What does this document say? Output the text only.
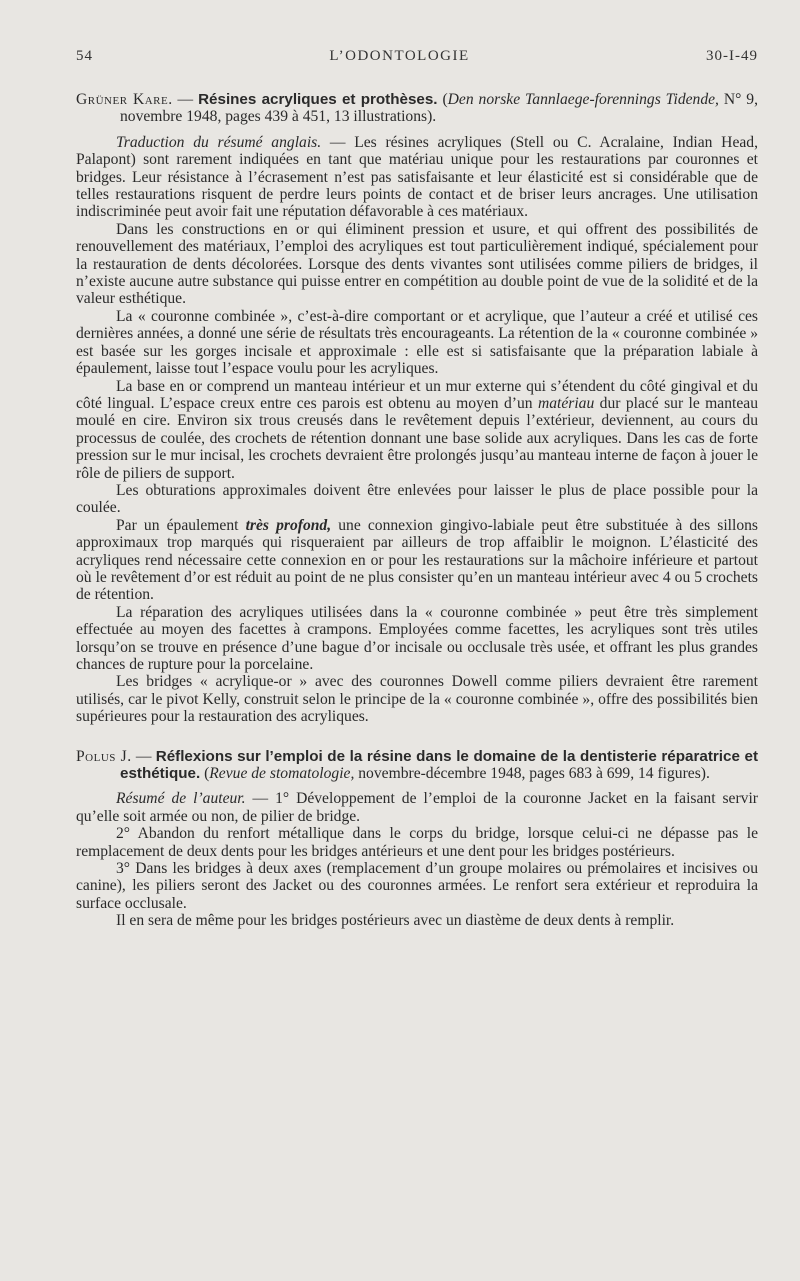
54	L’ODONTOLOGIE	30-I-49

Grüner Kare. — Résines acryliques et prothèses. (Den norske Tannlaege-forennings Tidende, N° 9, novembre 1948, pages 439 à 451, 13 illustrations).

Traduction du résumé anglais. — Les résines acryliques (Stell ou C. Acralaine, Indian Head, Palapont) sont rarement indiquées en tant que matériau unique pour les restaurations par couronnes et bridges. Leur résistance à l’écrasement n’est pas satisfaisante et leur élasticité est si considérable que de telles restaurations risquent de perdre leurs points de contact et de briser leurs ancrages. Une utilisation indiscriminée peut avoir fait une réputation défavorable à ces matériaux.

Dans les constructions en or qui éliminent pression et usure, et qui offrent des possibilités de renouvellement des matériaux, l’emploi des acryliques est tout particulièrement indiqué, spécialement pour la restauration de dents décolorées. Lorsque des dents vivantes sont utilisées comme piliers de bridges, il n’existe aucune autre substance qui puisse entrer en compétition au double point de vue de la solidité et de la valeur esthétique.

La « couronne combinée », c’est-à-dire comportant or et acrylique, que l’auteur a créé et utilisé ces dernières années, a donné une série de résultats très encourageants. La rétention de la « couronne combinée » est basée sur les gorges incisale et approximale : elle est si satisfaisante que la préparation labiale à épaulement, laisse tout l’espace voulu pour les acryliques.

La base en or comprend un manteau intérieur et un mur externe qui s’étendent du côté gingival et du côté lingual. L’espace creux entre ces parois est obtenu au moyen d’un matériau dur placé sur le manteau moulé en cire. Environ six trous creusés dans le revêtement depuis l’extérieur, deviennent, au cours du processus de coulée, des crochets de rétention donnant une base solide aux acryliques. Dans les cas de forte pression sur le mur incisal, les crochets devraient être prolongés jusqu’au manteau interne de façon à jouer le rôle de piliers de support.

Les obturations approximales doivent être enlevées pour laisser le plus de place possible pour la coulée.

Par un épaulement très profond, une connexion gingivo-labiale peut être substituée à des sillons approximaux trop marqués qui risqueraient par ailleurs de trop affaiblir le moignon. L’élasticité des acryliques rend nécessaire cette connexion en or pour les restaurations sur la mâchoire inférieure et partout où le revêtement d’or est réduit au point de ne plus consister qu’en un manteau intérieur avec 4 ou 5 crochets de rétention.

La réparation des acryliques utilisées dans la « couronne combinée » peut être très simplement effectuée au moyen des facettes à crampons. Employées comme facettes, les acryliques sont très utiles lorsqu’on se trouve en présence d’une bague d’or incisale ou occlusale très usée, et offrant les plus grandes chances de rupture pour la porcelaine.

Les bridges « acrylique-or » avec des couronnes Dowell comme piliers devraient être rarement utilisés, car le pivot Kelly, construit selon le principe de la « couronne combinée », offre des possibilités bien supérieures pour la restauration des acryliques.

Polus J. — Réflexions sur l’emploi de la résine dans le domaine de la dentisterie réparatrice et esthétique. (Revue de stomatologie, novembre-décembre 1948, pages 683 à 699, 14 figures).

Résumé de l’auteur. — 1° Développement de l’emploi de la couronne Jacket en la faisant servir qu’elle soit armée ou non, de pilier de bridge.

2° Abandon du renfort métallique dans le corps du bridge, lorsque celui-ci ne dépasse pas le remplacement de deux dents pour les bridges antérieurs et une dent pour les bridges postérieurs.

3° Dans les bridges à deux axes (remplacement d’un groupe molaires ou prémolaires et incisives ou canine), les piliers seront des Jacket ou des couronnes armées. Le renfort sera extérieur et reproduira la surface occlusale.

Il en sera de même pour les bridges postérieurs avec un diastème de deux dents à remplir.
